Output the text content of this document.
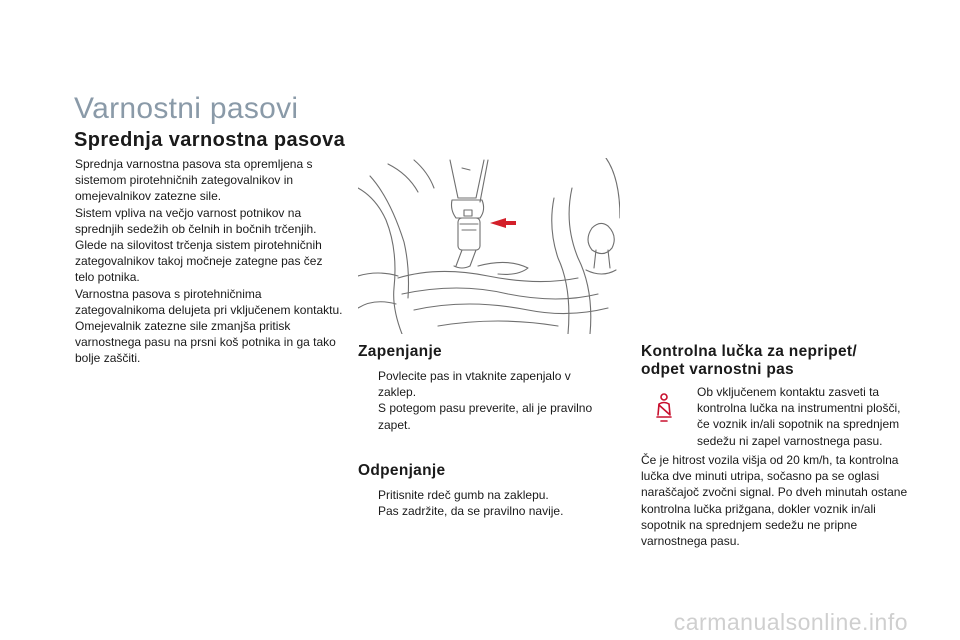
Varnostni pasovi
Sprednja varnostna pasova

Sprednja varnostna pasova sta opremljena s sistemom pirotehničnih zategovalnikov in omejevalnikov zatezne sile.

Sistem vpliva na večjo varnost potnikov na sprednjih sedežih ob čelnih in bočnih trčenjih. Glede na silovitost trčenja sistem pirotehničnih zategovalnikov takoj močneje zategne pas čez telo potnika.

Varnostna pasova s pirotehničnima zategovalnikoma delujeta pri vključenem kontaktu.

Omejevalnik zatezne sile zmanjša pritisk varnostnega pasu na prsni koš potnika in ga tako bolje zaščiti.	Zapenjanje
Povlecite pas in vtaknite zapenjalo v zaklep.
S potegom pasu preverite, ali je pravilno zapet.
Odpenjanje
Pritisnite rdeč gumb na zaklepu.
Pas zadržite, da se pravilno navije.
Kontrolna lučka za nepripet/
odpet varnostni pas

Ob vključenem kontaktu zasveti ta kontrolna lučka na instrumentni plošči, če voznik in/ali sopotnik na sprednjem sedežu ni zapel varnostnega pasu.

Če je hitrost vozila višja od 20 km/h, ta kontrolna lučka dve minuti utripa, sočasno pa se oglasi naraščajoč zvočni signal. Po dveh minutah ostane kontrolna lučka prižgana, dokler voznik in/ali sopotnik na sprednjem sedežu ne pripne varnostnega pasu.

carmanualsonline.info
